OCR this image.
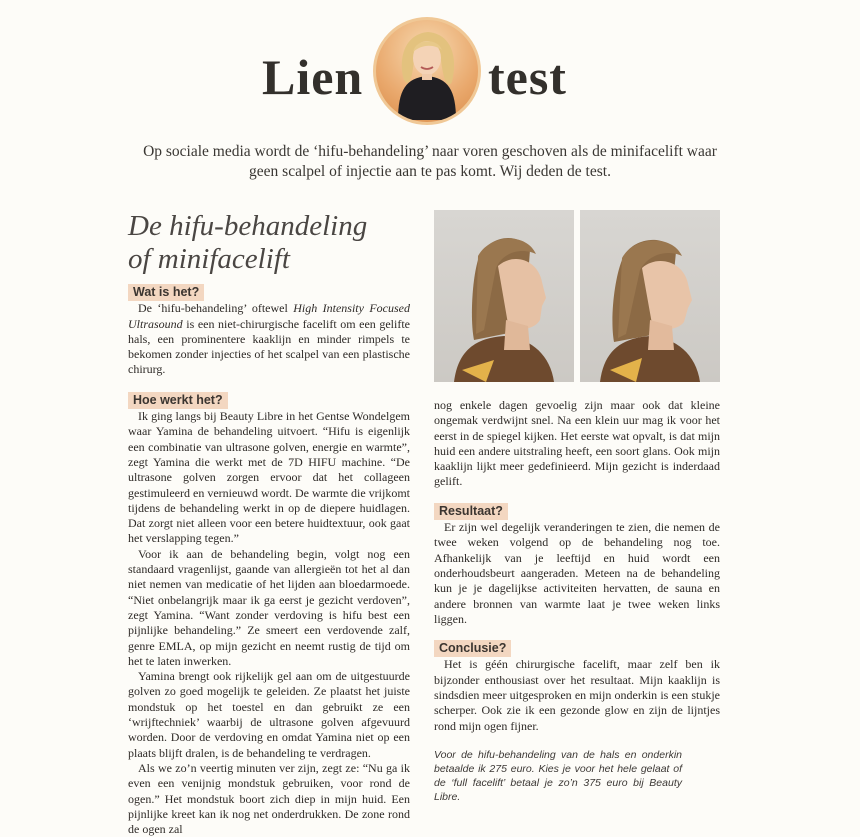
Lien test
Op sociale media wordt de ‘hifu-behandeling’ naar voren geschoven als de minifacelift waar geen scalpel of injectie aan te pas komt. Wij deden de test.
De hifu-behandeling
of minifacelift
Wat is het?

De ‘hifu-behandeling’ oftewel High Intensity Focused Ultrasound is een niet-chirurgische facelift om een gelifte hals, een prominentere kaaklijn en minder rimpels te bekomen zonder injecties of het scalpel van een plastische chirurg.

Hoe werkt het?

Ik ging langs bij Beauty Libre in het Gentse Wondelgem waar Yamina de behandeling uitvoert. “Hifu is eigenlijk een combinatie van ultrasone golven, energie en warmte”, zegt Yamina die werkt met de 7D HIFU machine. “De ultrasone golven zorgen ervoor dat het collageen gestimuleerd en vernieuwd wordt. De warmte die vrijkomt tijdens de behandeling werkt in op de diepere huidlagen. Dat zorgt niet alleen voor een betere huidtextuur, ook gaat het verslapping tegen.”

Voor ik aan de behandeling begin, volgt nog een standaard vragenlijst, gaande van allergieën tot het al dan niet nemen van medicatie of het lijden aan bloedarmoede. “Niet onbelangrijk maar ik ga eerst je gezicht verdoven”, zegt Yamina. “Want zonder verdoving is hifu best een pijnlijke behandeling.” Ze smeert een verdovende zalf, genre EMLA, op mijn gezicht en neemt rustig de tijd om het te laten inwerken.

Yamina brengt ook rijkelijk gel aan om de uitgestuurde golven zo goed mogelijk te geleiden. Ze plaatst het juiste mondstuk op het toestel en dan gebruikt ze een ‘wrijftechniek’ waarbij de ultrasone golven afgevuurd worden. Door de verdoving en omdat Yamina niet op een plaats blijft dralen, is de behandeling te verdragen.

Als we zo’n veertig minuten ver zijn, zegt ze: “Nu ga ik even een venijnig mondstuk gebruiken, voor rond de ogen.” Het mondstuk boort zich diep in mijn huid. Een pijnlijke kreet kan ik nog net onderdrukken. De zone rond de ogen zal

nog enkele dagen gevoelig zijn maar ook dat kleine ongemak verdwijnt snel. Na een klein uur mag ik voor het eerst in de spiegel kijken. Het eerste wat opvalt, is dat mijn huid een andere uitstraling heeft, een soort glans. Ook mijn kaaklijn lijkt meer gedefinieerd. Mijn gezicht is inderdaad gelift.

Resultaat?

Er zijn wel degelijk veranderingen te zien, die nemen de twee weken volgend op de behandeling nog toe. Afhankelijk van je leeftijd en huid wordt een onderhoudsbeurt aangeraden. Meteen na de behandeling kun je je dagelijkse activiteiten hervatten, de sauna en andere bronnen van warmte laat je twee weken links liggen.

Conclusie?

Het is géén chirurgische facelift, maar zelf ben ik bijzonder enthousiast over het resultaat. Mijn kaaklijn is sindsdien meer uitgesproken en mijn onderkin is een stukje scherper. Ook zie ik een gezonde glow en zijn de lijntjes rond mijn ogen fijner.

Voor de hifu-behandeling van de hals en onderkin betaalde ik 275 euro. Kies je voor het hele gelaat of de ‘full facelift’ betaal je zo’n 375 euro bij Beauty Libre.
